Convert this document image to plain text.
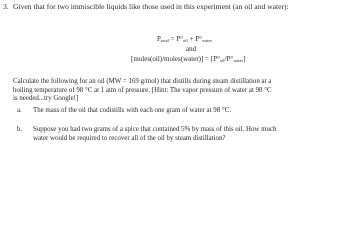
3. Given that for two immiscible liquids like those used in this experiment (an oil and water):
$P_{total} = P^\circ_{oil} + P^\circ_{water}$
and
[moles(oil)/moles(water)] = $[P^\circ_{oil}/P^\circ_{water}]$
Calculate the following for an oil (MW = 169 g/mol) that distills during steam distillation at a
boiling temperature of 98 °C at 1 atm of pressure. [Hint: The vapor pressure of water at 98 °C
is needed...try Google!]
a. The mass of the oil that codistills with each one gram of water at 98 °C.
b. Suppose you had two grams of a spice that contained 5% by mass of this oil. How much
water would be required to recover all of the oil by steam distillation?
